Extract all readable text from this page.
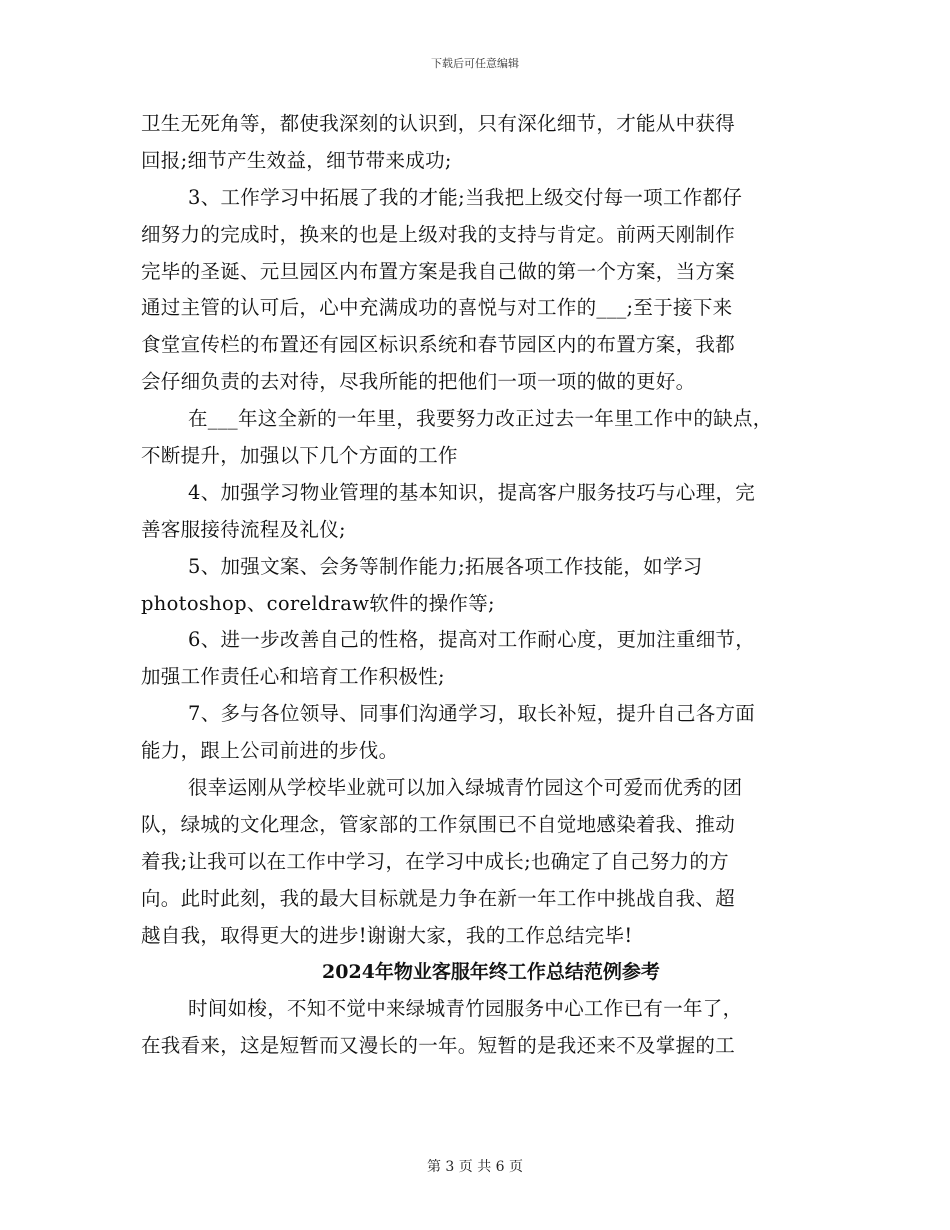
下载后可任意编辑
卫生无死角等，都使我深刻的认识到，只有深化细节，才能从中获得
回报;细节产生效益，细节带来成功;
3、工作学习中拓展了我的才能;当我把上级交付每一项工作都仔
细努力的完成时，换来的也是上级对我的支持与肯定。前两天刚制作
完毕的圣诞、元旦园区内布置方案是我自己做的第一个方案，当方案
通过主管的认可后，心中充满成功的喜悦与对工作的___;至于接下来
食堂宣传栏的布置还有园区标识系统和春节园区内的布置方案，我都
会仔细负责的去对待，尽我所能的把他们一项一项的做的更好。
在___年这全新的一年里，我要努力改正过去一年里工作中的缺点，
不断提升，加强以下几个方面的工作
4、加强学习物业管理的基本知识，提高客户服务技巧与心理，完
善客服接待流程及礼仪;
5、加强文案、会务等制作能力;拓展各项工作技能，如学习
photoshop、coreldraw软件的操作等;
6、进一步改善自己的性格，提高对工作耐心度，更加注重细节，
加强工作责任心和培育工作积极性;
7、多与各位领导、同事们沟通学习，取长补短，提升自己各方面
能力，跟上公司前进的步伐。
很幸运刚从学校毕业就可以加入绿城青竹园这个可爱而优秀的团
队，绿城的文化理念，管家部的工作氛围已不自觉地感染着我、推动
着我;让我可以在工作中学习，在学习中成长;也确定了自己努力的方
向。此时此刻，我的最大目标就是力争在新一年工作中挑战自我、超
越自我，取得更大的进步!谢谢大家，我的工作总结完毕!
2024年物业客服年终工作总结范例参考
时间如梭，不知不觉中来绿城青竹园服务中心工作已有一年了，
在我看来，这是短暂而又漫长的一年。短暂的是我还来不及掌握的工
第 3 页 共 6 页
